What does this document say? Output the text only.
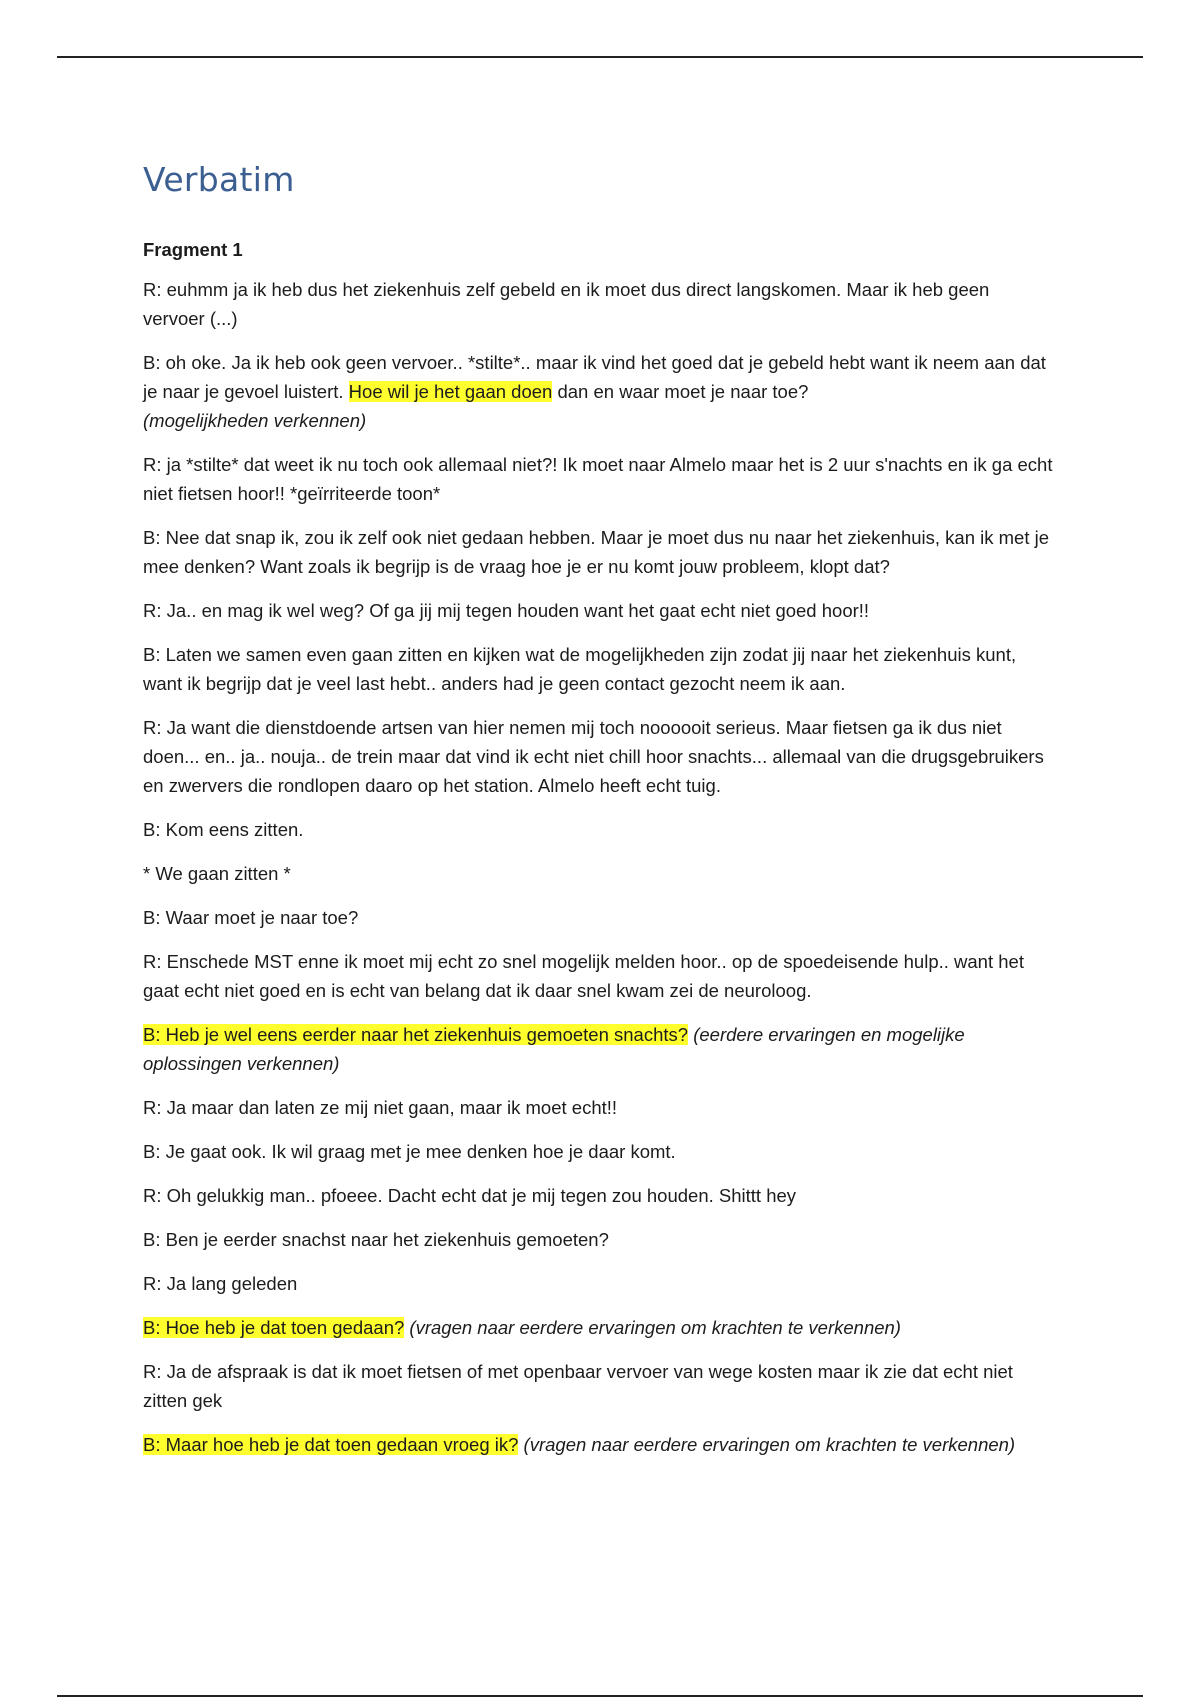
Verbatim
Fragment 1

R: euhmm ja ik heb dus het ziekenhuis zelf gebeld en ik moet dus direct langskomen. Maar ik heb geen vervoer (...)

B: oh oke. Ja ik heb ook geen vervoer.. *stilte*.. maar ik vind het goed dat je gebeld hebt want ik neem aan dat je naar je gevoel luistert. Hoe wil je het gaan doen dan en waar moet je naar toe?
(mogelijkheden verkennen)

R: ja *stilte* dat weet ik nu toch ook allemaal niet?! Ik moet naar Almelo maar het is 2 uur s'nachts en ik ga echt niet fietsen hoor!! *geïrriteerde toon*

B: Nee dat snap ik, zou ik zelf ook niet gedaan hebben. Maar je moet dus nu naar het ziekenhuis, kan ik met je mee denken? Want zoals ik begrijp is de vraag hoe je er nu komt jouw probleem, klopt dat?

R: Ja.. en mag ik wel weg? Of ga jij mij tegen houden want het gaat echt niet goed hoor!!

B: Laten we samen even gaan zitten en kijken wat de mogelijkheden zijn zodat jij naar het ziekenhuis kunt, want ik begrijp dat je veel last hebt.. anders had je geen contact gezocht neem ik aan.

R: Ja want die dienstdoende artsen van hier nemen mij toch noooooit serieus. Maar fietsen ga ik dus niet doen... en.. ja.. nouja.. de trein maar dat vind ik echt niet chill hoor snachts... allemaal van die drugsgebruikers en zwervers die rondlopen daaro op het station. Almelo heeft echt tuig.

B: Kom eens zitten.

* We gaan zitten *

B: Waar moet je naar toe?

R: Enschede MST enne ik moet mij echt zo snel mogelijk melden hoor.. op de spoedeisende hulp.. want het gaat echt niet goed en is echt van belang dat ik daar snel kwam zei de neuroloog.

B: Heb je wel eens eerder naar het ziekenhuis gemoeten snachts? (eerdere ervaringen en mogelijke oplossingen verkennen)

R: Ja maar dan laten ze mij niet gaan, maar ik moet echt!!

B: Je gaat ook. Ik wil graag met je mee denken hoe je daar komt.

R: Oh gelukkig man.. pfoeee. Dacht echt dat je mij tegen zou houden. Shittt hey

B: Ben je eerder snachst naar het ziekenhuis gemoeten?

R: Ja lang geleden

B: Hoe heb je dat toen gedaan? (vragen naar eerdere ervaringen om krachten te verkennen)

R: Ja de afspraak is dat ik moet fietsen of met openbaar vervoer van wege kosten maar ik zie dat echt niet zitten gek

B: Maar hoe heb je dat toen gedaan vroeg ik? (vragen naar eerdere ervaringen om krachten te verkennen)
